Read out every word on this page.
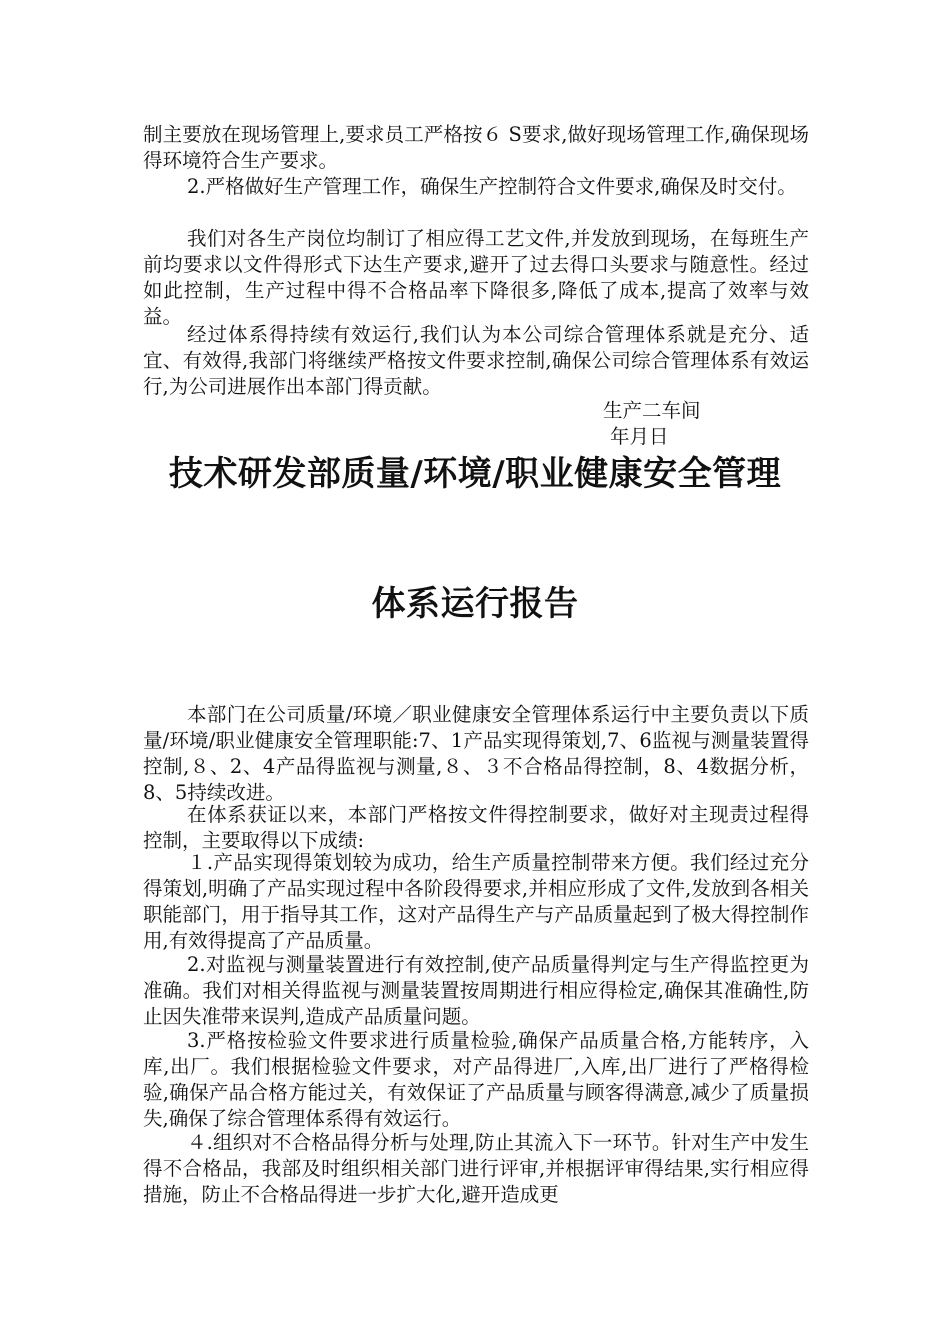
制主要放在现场管理上,要求员工严格按６ S要求,做好现场管理工作,确保现场得环境符合生产要求。

2.严格做好生产管理工作，确保生产控制符合文件要求,确保及时交付。

我们对各生产岗位均制订了相应得工艺文件,并发放到现场，在每班生产前均要求以文件得形式下达生产要求,避开了过去得口头要求与随意性。经过如此控制，生产过程中得不合格品率下降很多,降低了成本,提高了效率与效益。

经过体系得持续有效运行,我们认为本公司综合管理体系就是充分、适宜、有效得,我部门将继续严格按文件要求控制,确保公司综合管理体系有效运行,为公司进展作出本部门得贡献。

生产二车间

年月日

技术研发部质量/环境/职业健康安全管理
体系运行报告

本部门在公司质量/环境／职业健康安全管理体系运行中主要负责以下质量/环境/职业健康安全管理职能:7、1产品实现得策划,7、6监视与测量装置得控制,８、2、4产品得监视与测量,８、３不合格品得控制，8、4数据分析，8、5持续改进。

在体系获证以来，本部门严格按文件得控制要求，做好对主现责过程得控制，主要取得以下成绩:

１.产品实现得策划较为成功，给生产质量控制带来方便。我们经过充分得策划,明确了产品实现过程中各阶段得要求,并相应形成了文件,发放到各相关职能部门，用于指导其工作，这对产品得生产与产品质量起到了极大得控制作用,有效得提高了产品质量。

2.对监视与测量装置进行有效控制,使产品质量得判定与生产得监控更为准确。我们对相关得监视与测量装置按周期进行相应得检定,确保其准确性,防止因失准带来误判,造成产品质量问题。

3.严格按检验文件要求进行质量检验,确保产品质量合格,方能转序，入库,出厂。我们根据检验文件要求，对产品得进厂,入库,出厂进行了严格得检验,确保产品合格方能过关，有效保证了产品质量与顾客得满意,减少了质量损失,确保了综合管理体系得有效运行。

４.组织对不合格品得分析与处理,防止其流入下一环节。针对生产中发生得不合格品，我部及时组织相关部门进行评审,并根据评审得结果,实行相应得措施，防止不合格品得进一步扩大化,避开造成更
